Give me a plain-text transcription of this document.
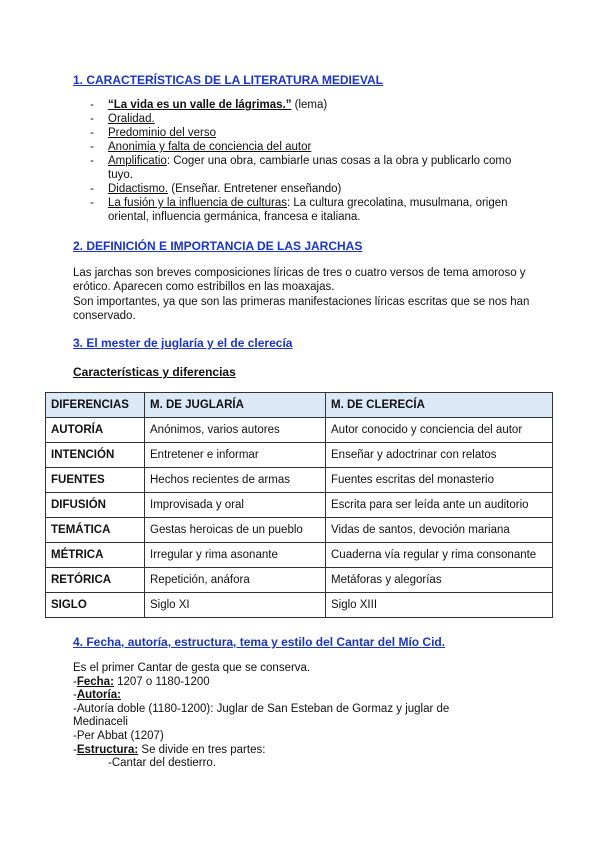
1. CARACTERÍSTICAS DE LA LITERATURA MEDIEVAL
- “La vida es un valle de lágrimas.” (lema)
- Oralidad.
- Predominio del verso
- Anonimia y falta de conciencia del autor
- Amplificatio: Coger una obra, cambiarle unas cosas a la obra y publicarlo como tuyo.
- Didactismo. (Enseñar. Entretener enseñando)
- La fusión y la influencia de culturas: La cultura grecolatina, musulmana, origen oriental, influencia germánica, francesa e italiana.
2. DEFINICIÓN E IMPORTANCIA DE LAS JARCHAS

Las jarchas son breves composiciones líricas de tres o cuatro versos de tema amoroso y erótico. Aparecen como estribillos en las moaxajas.

Son importantes, ya que son las primeras manifestaciones líricas escritas que se nos han conservado.

3. El mester de juglaría y el de clerecía
Características y diferencias
DIFERENCIAS	M. DE JUGLARÍA	M. DE CLERECÍA
AUTORÍA	Anónimos, varios autores	Autor conocido y conciencia del autor
INTENCIÓN	Entretener e informar	Enseñar y adoctrinar con relatos
FUENTES	Hechos recientes de armas	Fuentes escritas del monasterio
DIFUSIÓN	Improvisada y oral	Escrita para ser leída ante un auditorio
TEMÁTICA	Gestas heroicas de un pueblo	Vidas de santos, devoción mariana
MÉTRICA	Irregular y rima asonante	Cuaderna vía regular y rima consonante
RETÓRICA	Repetición, anáfora	Metáforas y alegorías
SIGLO	Siglo XI	Siglo XIII
4. Fecha, autoría, estructura, tema y estilo del Cantar del Mío Cid.
Es el primer Cantar de gesta que se conserva.
-Fecha: 1207 o 1180-1200
-Autoría:
-Autoría doble (1180-1200): Juglar de San Esteban de Gormaz y juglar de
Medinaceli
-Per Abbat (1207)
-Estructura: Se divide en tres partes:
-Cantar del destierro.
